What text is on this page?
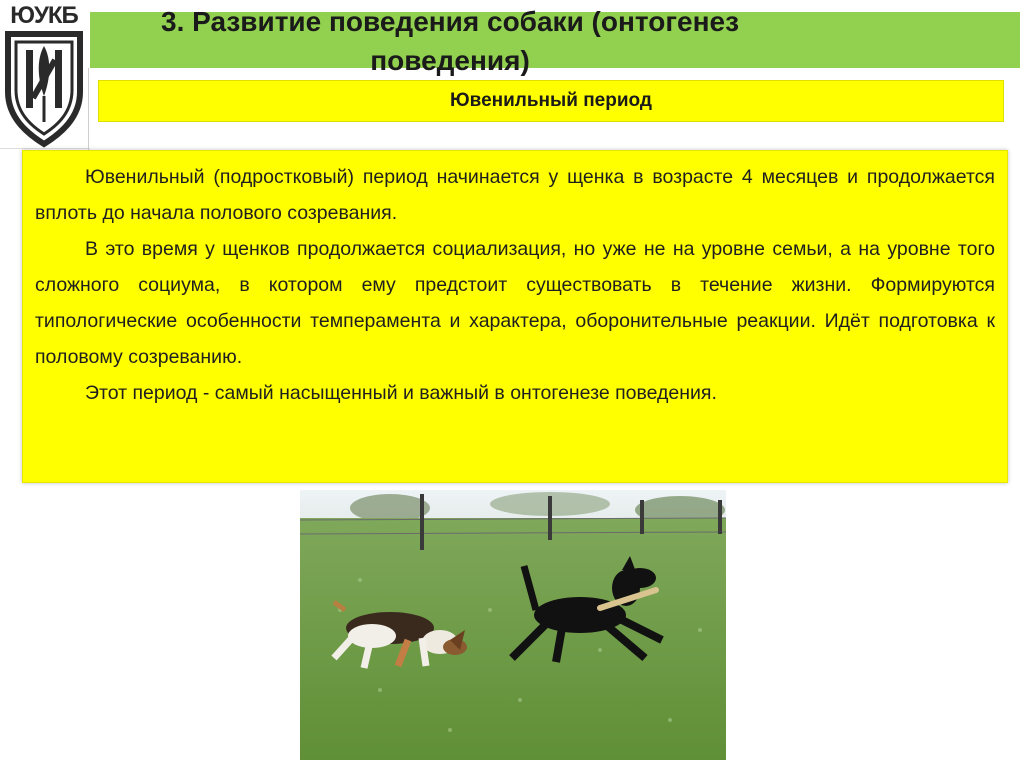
ЮУКБ	3. Развитие поведения собаки (онтогенез поведения)
Ювенильный период

Ювенильный (подростковый) период начинается у щенка в возрасте 4 месяцев и продолжается вплоть до начала полового созревания.

В это время у щенков продолжается социализация, но уже не на уровне семьи, а на уровне того сложного социума, в котором ему предстоит существовать в течение жизни. Формируются типологические особенности темперамента и характера, оборонительные реакции. Идёт подготовка к половому созреванию.

Этот период - самый насыщенный и важный в онтогенезе поведения.
